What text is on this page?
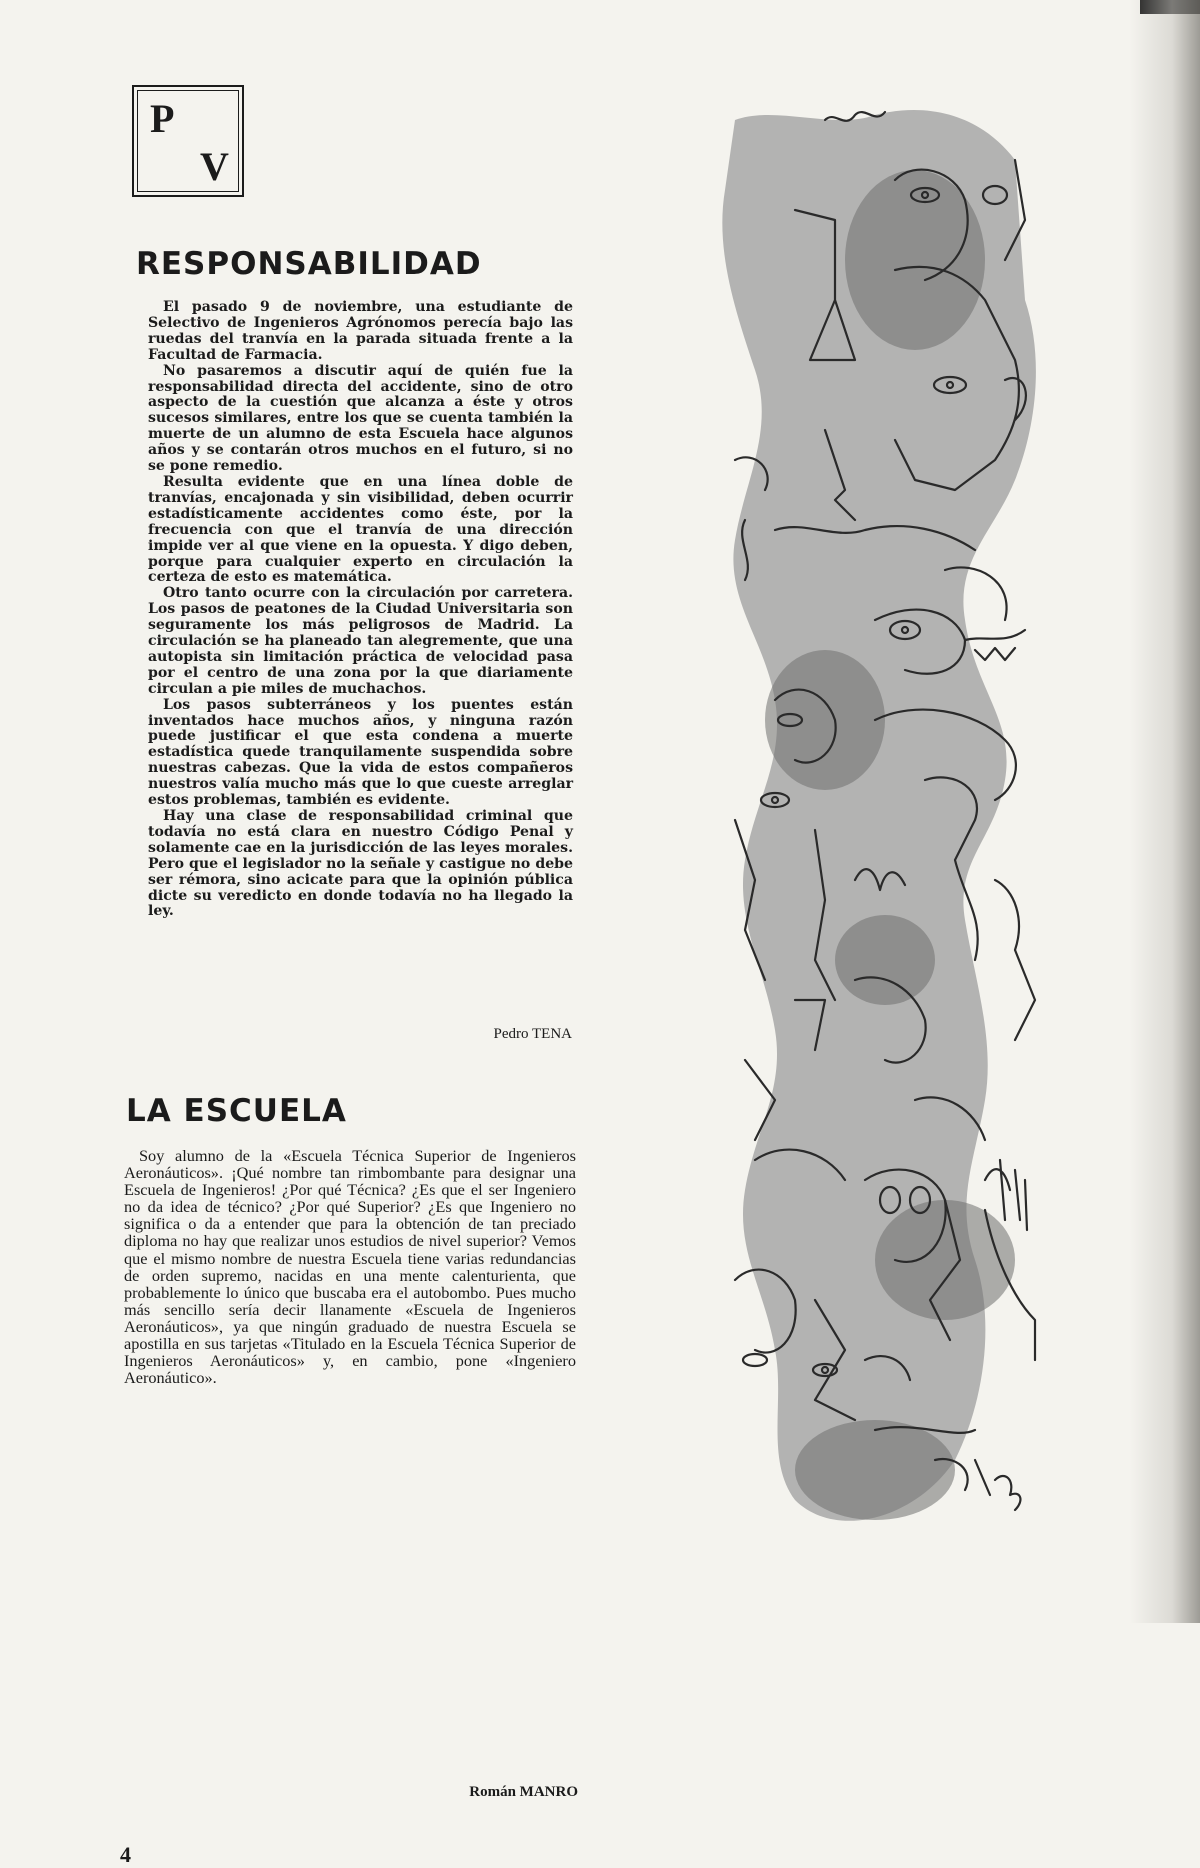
P
V
RESPONSABILIDAD

El pasado 9 de noviembre, una estudiante de Selectivo de Ingenieros Agrónomos perecía bajo las ruedas del tranvía en la parada situada frente a la Facultad de Farmacia.

No pasaremos a discutir aquí de quién fue la responsabilidad directa del accidente, sino de otro aspecto de la cuestión que alcanza a éste y otros sucesos similares, entre los que se cuenta también la muerte de un alumno de esta Escuela hace algunos años y se contarán otros muchos en el futuro, si no se pone remedio.

Resulta evidente que en una línea doble de tranvías, encajonada y sin visibilidad, deben ocurrir estadísticamente accidentes como éste, por la frecuencia con que el tranvía de una dirección impide ver al que viene en la opuesta. Y digo deben, porque para cualquier experto en circulación la certeza de esto es matemática.

Otro tanto ocurre con la circulación por carretera. Los pasos de peatones de la Ciudad Universitaria son seguramente los más peligrosos de Madrid. La circulación se ha planeado tan alegremente, que una autopista sin limitación práctica de velocidad pasa por el centro de una zona por la que diariamente circulan a pie miles de muchachos.

Los pasos subterráneos y los puentes están inventados hace muchos años, y ninguna razón puede justificar el que esta condena a muerte estadística quede tranquilamente suspendida sobre nuestras cabezas. Que la vida de estos compañeros nuestros valía mucho más que lo que cueste arreglar estos problemas, también es evidente.

Hay una clase de responsabilidad criminal que todavía no está clara en nuestro Código Penal y solamente cae en la jurisdicción de las leyes morales. Pero que el legislador no la señale y castigue no debe ser rémora, sino acicate para que la opinión pública dicte su veredicto en donde todavía no ha llegado la ley.

Pedro TENA
LA ESCUELA

Soy alumno de la «Escuela Técnica Superior de Ingenieros Aeronáuticos». ¡Qué nombre tan rimbombante para designar una Escuela de Ingenieros! ¿Por qué Técnica? ¿Es que el ser Ingeniero no da idea de técnico? ¿Por qué Superior? ¿Es que Ingeniero no significa o da a entender que para la obtención de tan preciado diploma no hay que realizar unos estudios de nivel superior? Vemos que el mismo nombre de nuestra Escuela tiene varias redundancias de orden supremo, nacidas en una mente calenturienta, que probablemente lo único que buscaba era el autobombo. Pues mucho más sencillo sería decir llanamente «Escuela de Ingenieros Aeronáuticos», ya que ningún graduado de nuestra Escuela se apostilla en sus tarjetas «Titulado en la Escuela Técnica Superior de Ingenieros Aeronáuticos» y, en cambio, pone «Ingeniero Aeronáutico».

Román MANRO
4
